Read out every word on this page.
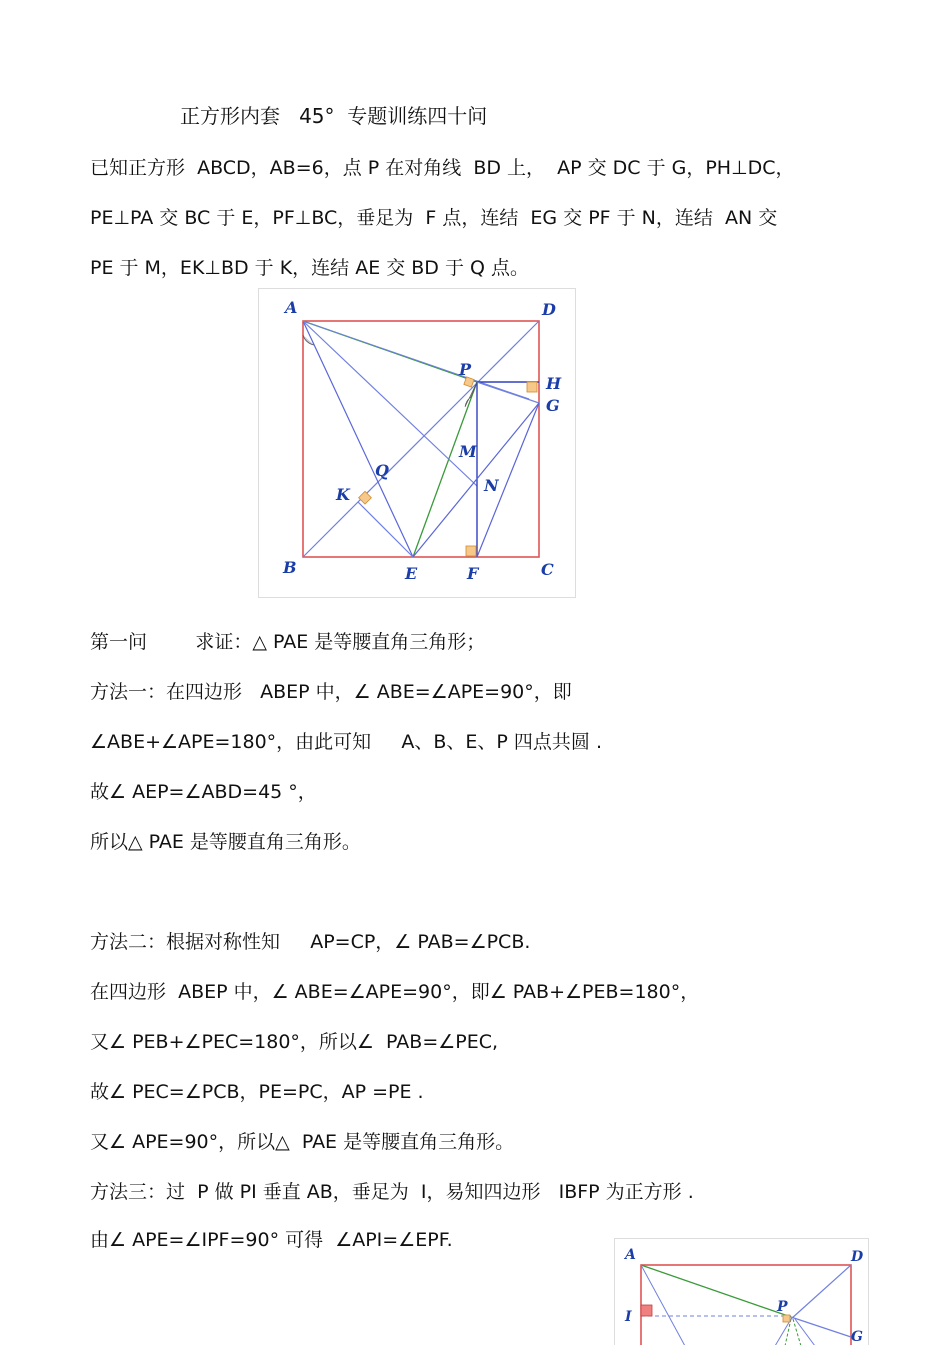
正方形内套   45°  专题训练四十问
已知正方形  ABCD，AB=6，点 P 在对角线  BD 上，  AP 交 DC 于 G，PH⊥DC，
PE⊥PA 交 BC 于 E，PF⊥BC，垂足为  F 点，连结  EG 交 PF 于 N，连结  AN 交
PE 于 M，EK⊥BD 于 K，连结 AE 交 BD 于 Q 点。
A	D
B	C
P
H
G
M
N
Q
K
E	F
第一问        求证：△ PAE 是等腰直角三角形；
方法一：在四边形   ABEP 中，∠ ABE=∠APE=90°，即
∠ABE+∠APE=180°，由此可知     A、B、E、P 四点共圆 .
故∠ AEP=∠ABD=45 °，
所以△ PAE 是等腰直角三角形。
方法二：根据对称性知     AP=CP，∠ PAB=∠PCB.
在四边形  ABEP 中，∠ ABE=∠APE=90°，即∠ PAB+∠PEB=180°，
又∠ PEB+∠PEC=180°，所以∠  PAB=∠PEC,
故∠ PEC=∠PCB，PE=PC，AP =PE .
又∠ APE=90°，所以△  PAE 是等腰直角三角形。
方法三：过  P 做 PI 垂直 AB，垂足为  I，易知四边形   IBFP 为正方形 .
由∠ APE=∠IPF=90° 可得  ∠API=∠EPF.
A	D
I
P
G
